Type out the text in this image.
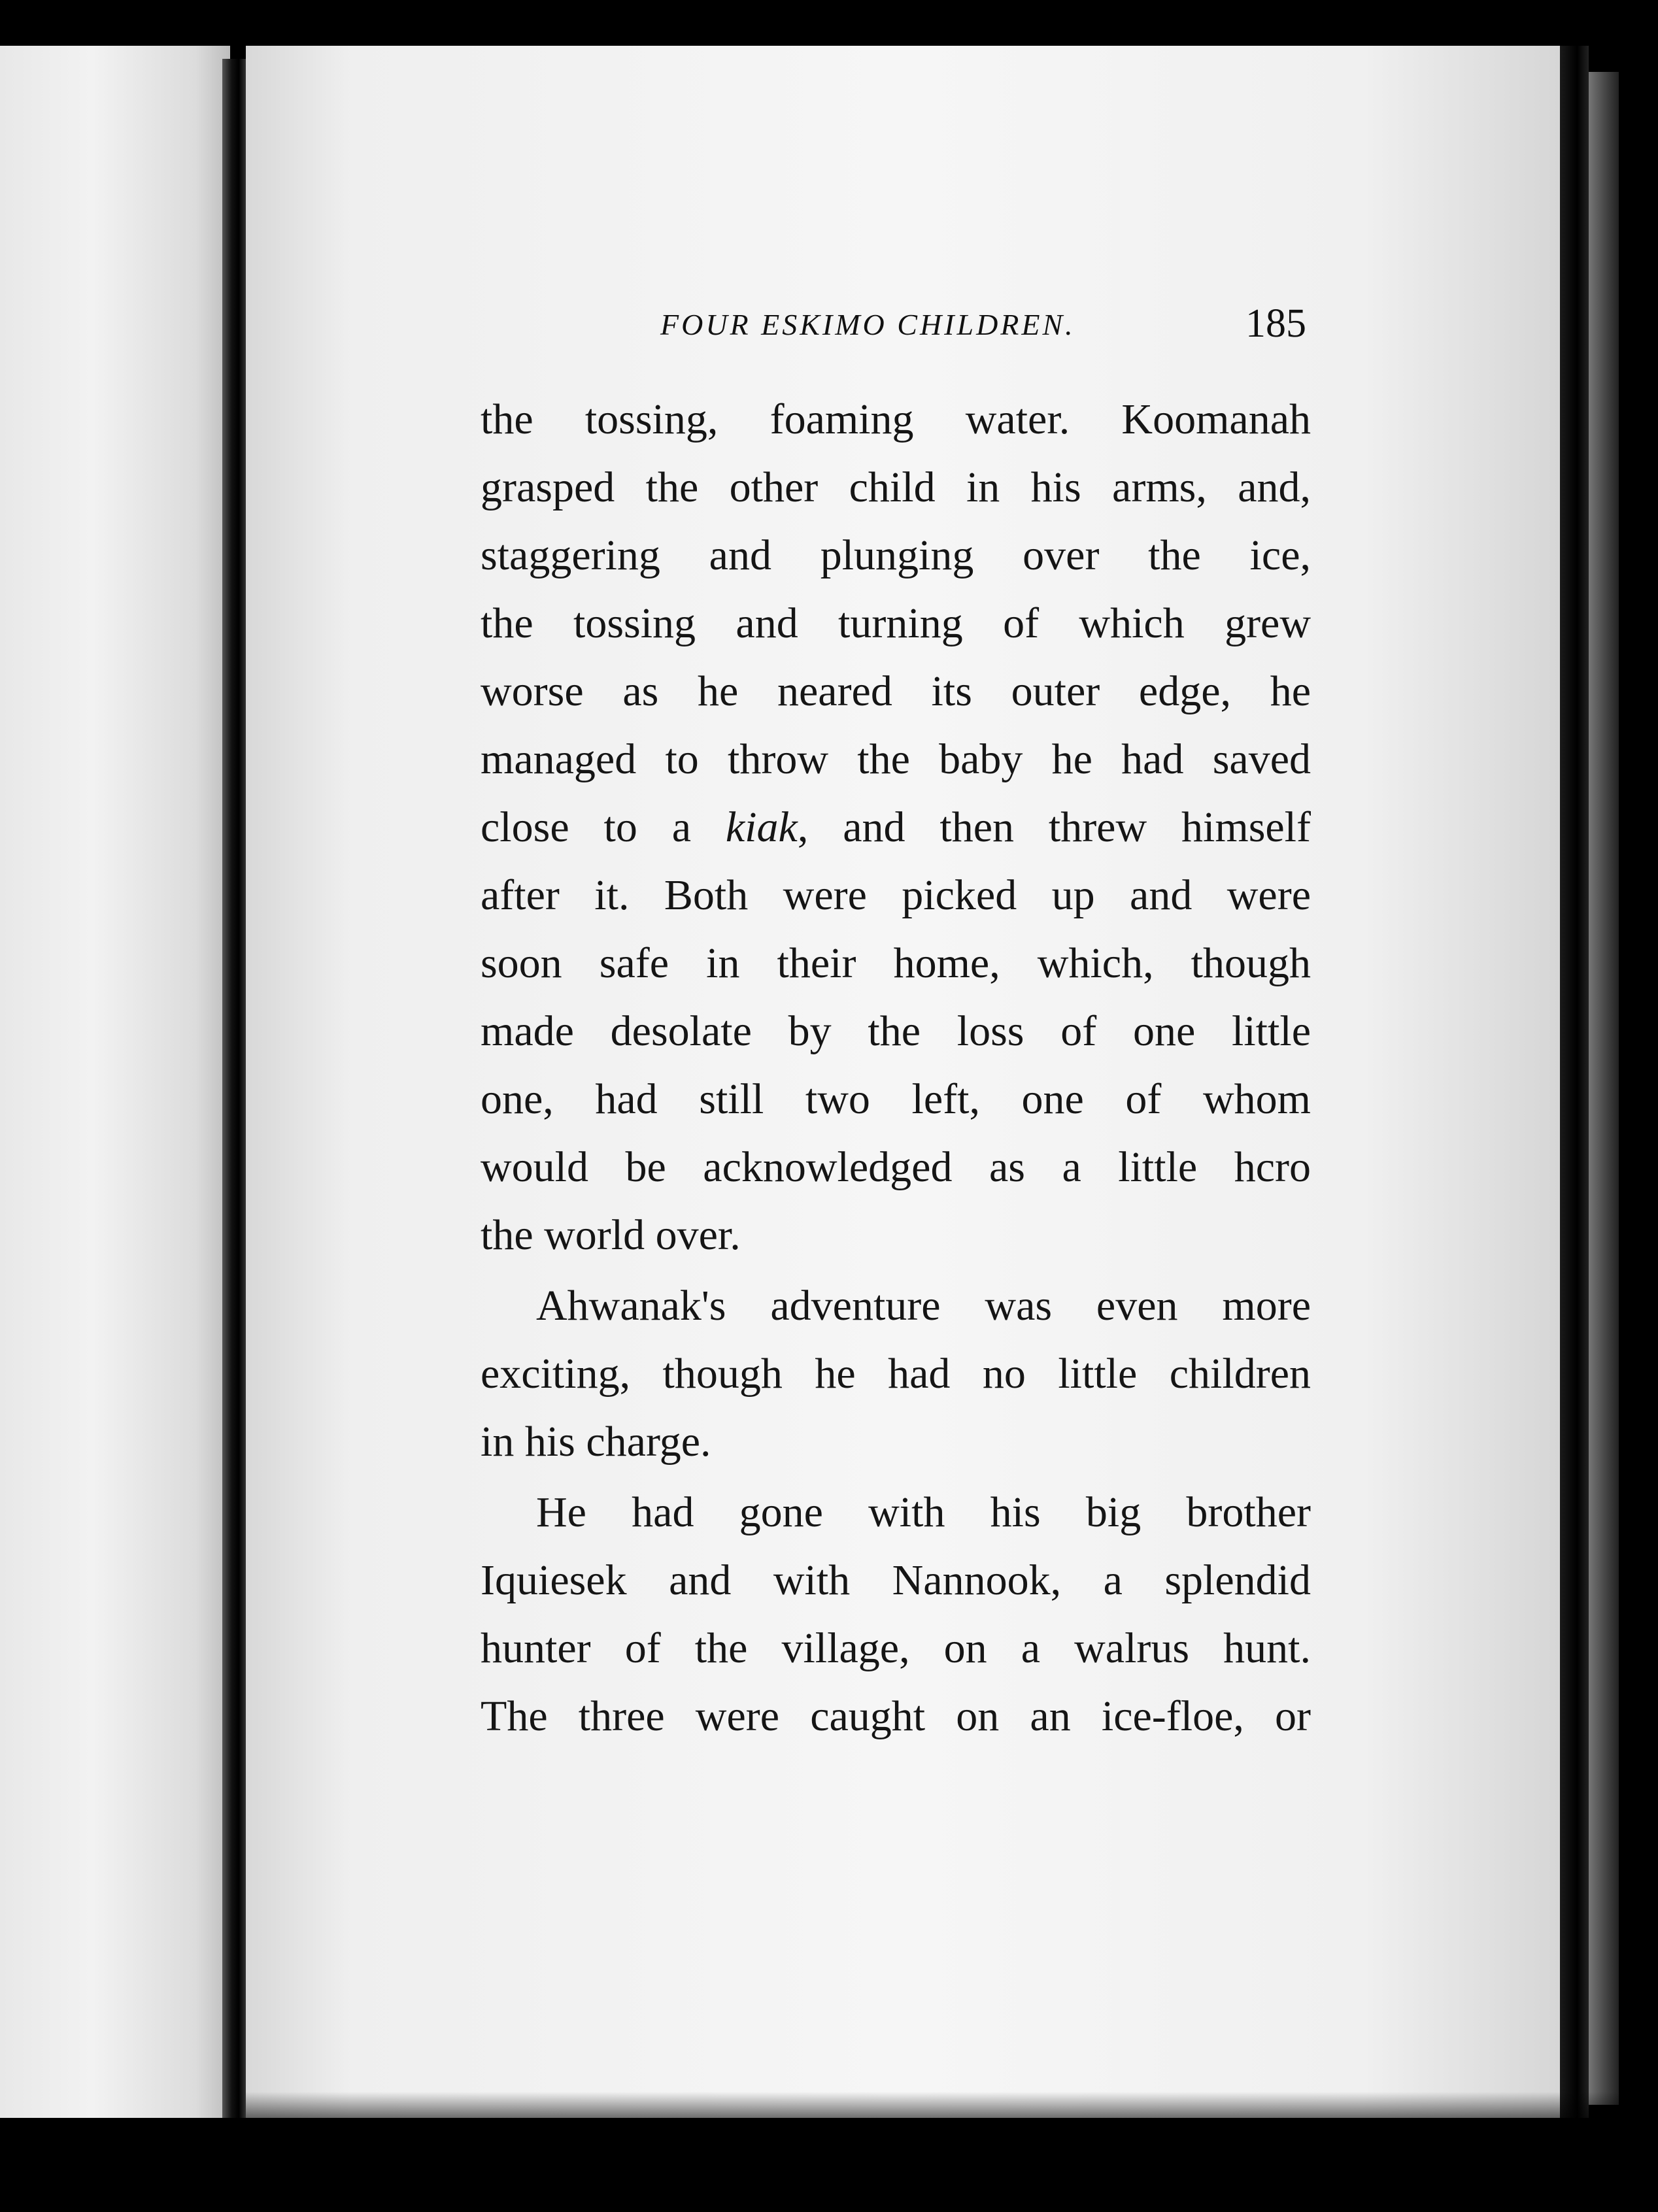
FOUR ESKIMO CHILDREN.	185
the tossing, foaming water. Koomanah
grasped the other child in his arms, and,
staggering and plunging over the ice,
the tossing and turning of which grew
worse as he neared its outer edge, he
managed to throw the baby he had saved
close to a kiak, and then threw himself
after it. Both were picked up and were
soon safe in their home, which, though
made desolate by the loss of one little
one, had still two left, one of whom
would be acknowledged as a little hcro
the world over.
Ahwanak's adventure was even more
exciting, though he had no little children
in his charge.
He had gone with his big brother
Iquiesek and with Nannook, a splendid
hunter of the village, on a walrus hunt.
The three were caught on an ice-floe, or
